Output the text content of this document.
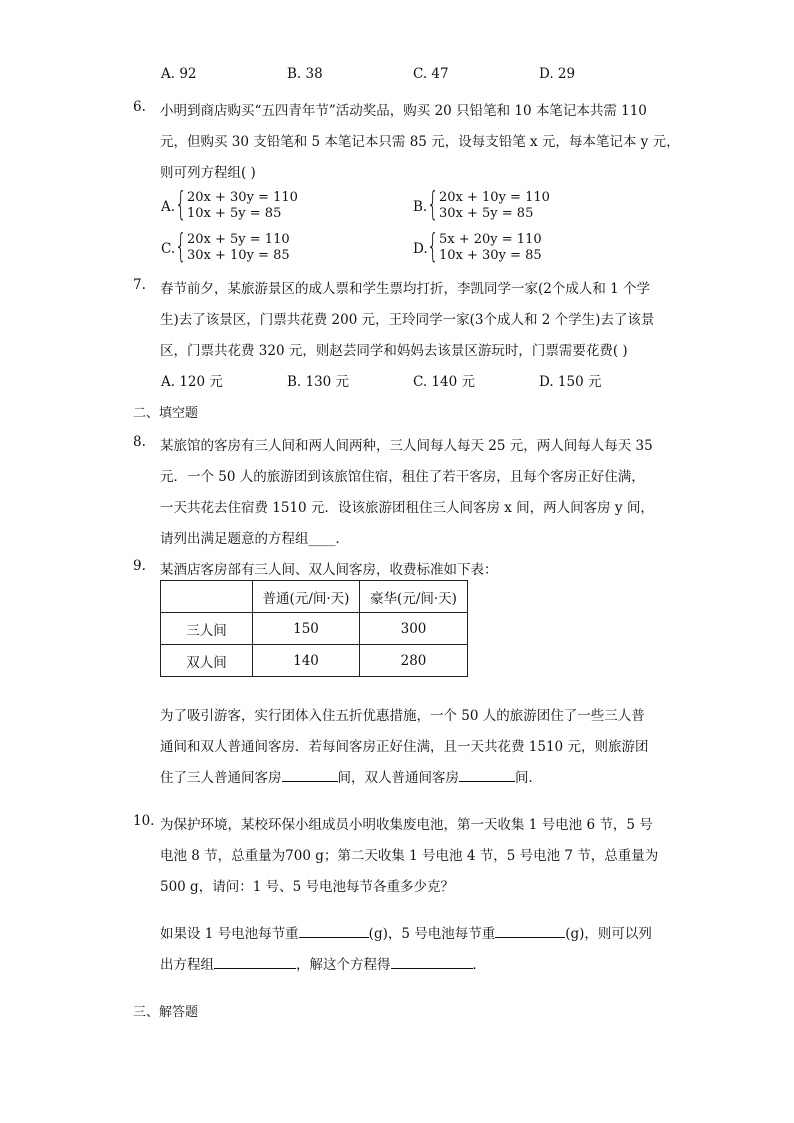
A. 92	B. 38	C. 47	D. 29
6. 小明到商店购买“五四青年节”活动奖品，购买 20 只铅笔和 10 本笔记本共需 110
元，但购买 30 支铅笔和 5 本笔记本只需 85 元，设每支铅笔 x 元，每本笔记本 y 元，
则可列方程组( )
A. { 20x + 30y = 110
10x + 5y = 85	B. { 20x + 10y = 110
30x + 5y = 85
C. { 20x + 5y = 110
30x + 10y = 85	D. { 5x + 20y = 110
10x + 30y = 85
7. 春节前夕，某旅游景区的成人票和学生票均打折，李凯同学一家(2个成人和 1 个学
生)去了该景区，门票共花费 200 元，王玲同学一家(3个成人和 2 个学生)去了该景
区，门票共花费 320 元，则赵芸同学和妈妈去该景区游玩时，门票需要花费( )
A. 120 元	B. 130 元	C. 140 元	D. 150 元
二、填空题
8. 某旅馆的客房有三人间和两人间两种，三人间每人每天 25 元，两人间每人每天 35
元．一个 50 人的旅游团到该旅馆住宿，租住了若干客房，且每个客房正好住满，
一天共花去住宿费 1510 元．设该旅游团租住三人间客房 x 间，两人间客房 y 间，
请列出满足题意的方程组____．
9. 某酒店客房部有三人间、双人间客房，收费标准如下表：
	普通(元/间·天)	豪华(元/间·天)
三人间	150	300
双人间	140	280
为了吸引游客，实行团体入住五折优惠措施，一个 50 人的旅游团住了一些三人普
通间和双人普通间客房．若每间客房正好住满，且一天共花费 1510 元，则旅游团
住了三人普通间客房	间，双人普通间客房	间．
10. 为保护环境，某校环保小组成员小明收集废电池，第一天收集 1 号电池 6 节，5 号
电池 8 节，总重量为700 g；第二天收集 1 号电池 4 节，5 号电池 7 节，总重量为
500 g，请问：1 号、5 号电池每节各重多少克？
如果设 1 号电池每节重	(g)，5 号电池每节重	(g)，则可以列
出方程组	，解这个方程得	．
三、解答题
